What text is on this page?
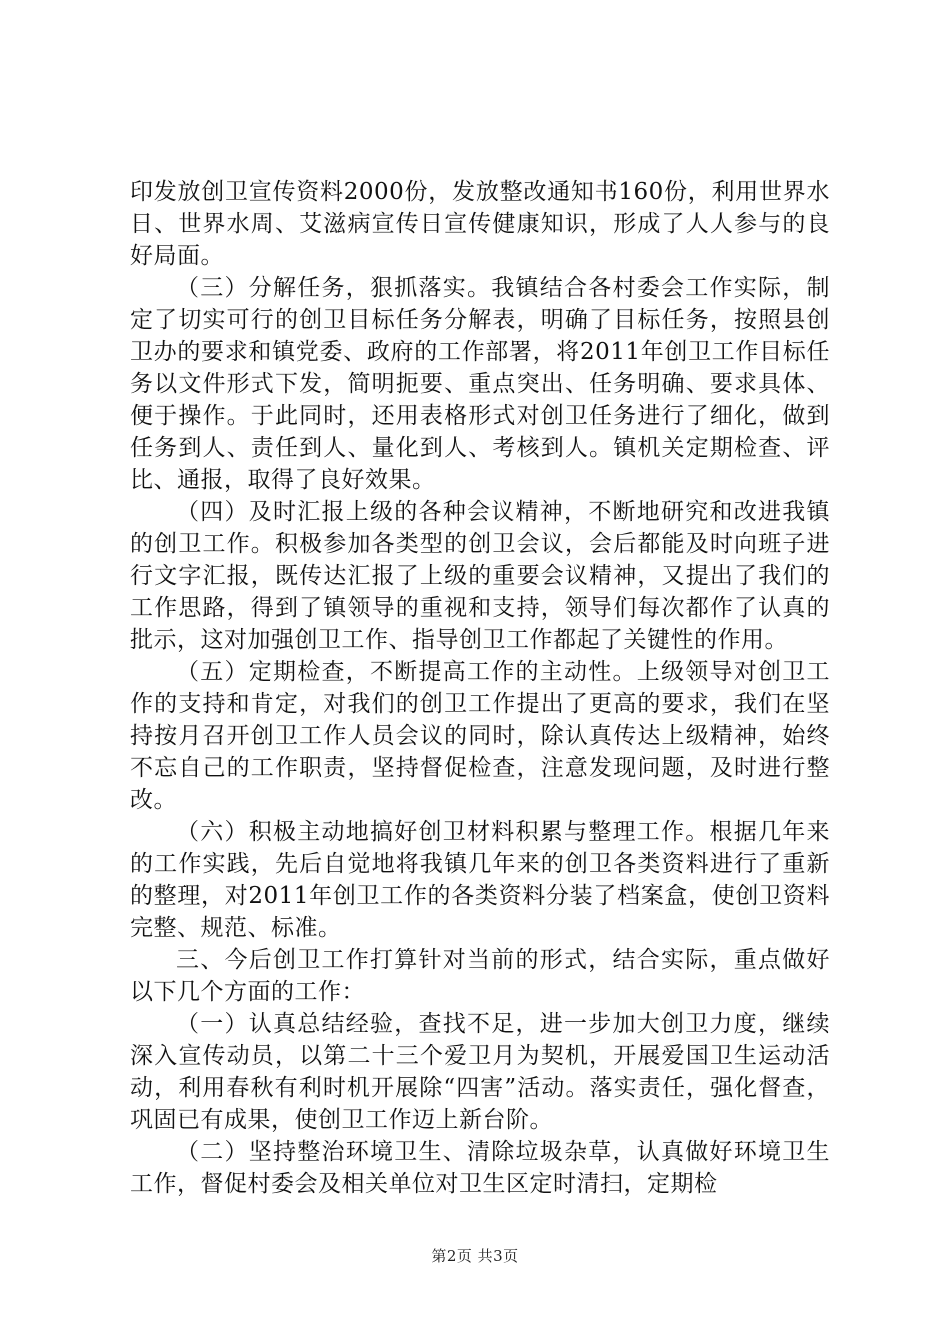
印发放创卫宣传资料2000份，发放整改通知书160份，利用世界水日、世界水周、艾滋病宣传日宣传健康知识，形成了人人参与的良好局面。

（三）分解任务，狠抓落实。我镇结合各村委会工作实际，制定了切实可行的创卫目标任务分解表，明确了目标任务，按照县创卫办的要求和镇党委、政府的工作部署，将2011年创卫工作目标任务以文件形式下发，简明扼要、重点突出、任务明确、要求具体、便于操作。于此同时，还用表格形式对创卫任务进行了细化，做到任务到人、责任到人、量化到人、考核到人。镇机关定期检查、评比、通报，取得了良好效果。

（四）及时汇报上级的各种会议精神，不断地研究和改进我镇的创卫工作。积极参加各类型的创卫会议，会后都能及时向班子进行文字汇报，既传达汇报了上级的重要会议精神，又提出了我们的工作思路，得到了镇领导的重视和支持，领导们每次都作了认真的批示，这对加强创卫工作、指导创卫工作都起了关键性的作用。

（五）定期检查，不断提高工作的主动性。上级领导对创卫工作的支持和肯定，对我们的创卫工作提出了更高的要求，我们在坚持按月召开创卫工作人员会议的同时，除认真传达上级精神，始终不忘自己的工作职责，坚持督促检查，注意发现问题，及时进行整改。

（六）积极主动地搞好创卫材料积累与整理工作。根据几年来的工作实践，先后自觉地将我镇几年来的创卫各类资料进行了重新的整理，对2011年创卫工作的各类资料分装了档案盒，使创卫资料完整、规范、标准。

三、今后创卫工作打算针对当前的形式，结合实际，重点做好以下几个方面的工作：

（一）认真总结经验，查找不足，进一步加大创卫力度，继续深入宣传动员，以第二十三个爱卫月为契机，开展爱国卫生运动活动，利用春秋有利时机开展除“四害”活动。落实责任，强化督查，巩固已有成果，使创卫工作迈上新台阶。

（二）坚持整治环境卫生、清除垃圾杂草，认真做好环境卫生工作，督促村委会及相关单位对卫生区定时清扫，定期检

第2页 共3页
